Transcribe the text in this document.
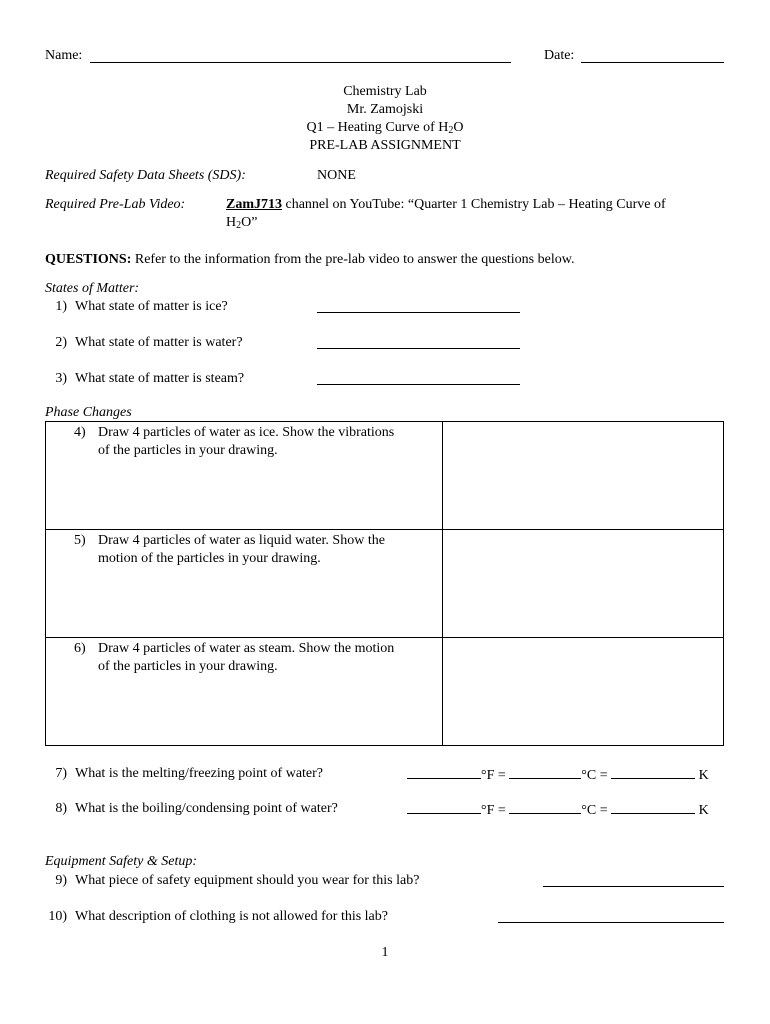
Name:	Date:
Chemistry Lab
Mr. Zamojski
Q1 – Heating Curve of $H_2O$
PRE-LAB ASSIGNMENT
Required Safety Data Sheets (SDS):	NONE
Required Pre-Lab Video:	ZamJ713 channel on YouTube: “Quarter 1 Chemistry Lab – Heating Curve of
$H_2O$”
QUESTIONS: Refer to the information from the pre-lab video to answer the questions below.
States of Matter:
1) What state of matter is ice?
2) What state of matter is water?
3) What state of matter is steam?
Phase Changes
4) Draw 4 particles of water as ice. Show the vibrations
of the particles in your drawing.	

5) Draw 4 particles of water as liquid water. Show the
motion of the particles in your drawing.	

6) Draw 4 particles of water as steam. Show the motion
of the particles in your drawing.	

7) What is the melting/freezing point of water?	°F =	°C =	K
8) What is the boiling/condensing point of water?	°F =	°C =	K
Equipment Safety & Setup:
9) What piece of safety equipment should you wear for this lab?
10) What description of clothing is not allowed for this lab?
1
